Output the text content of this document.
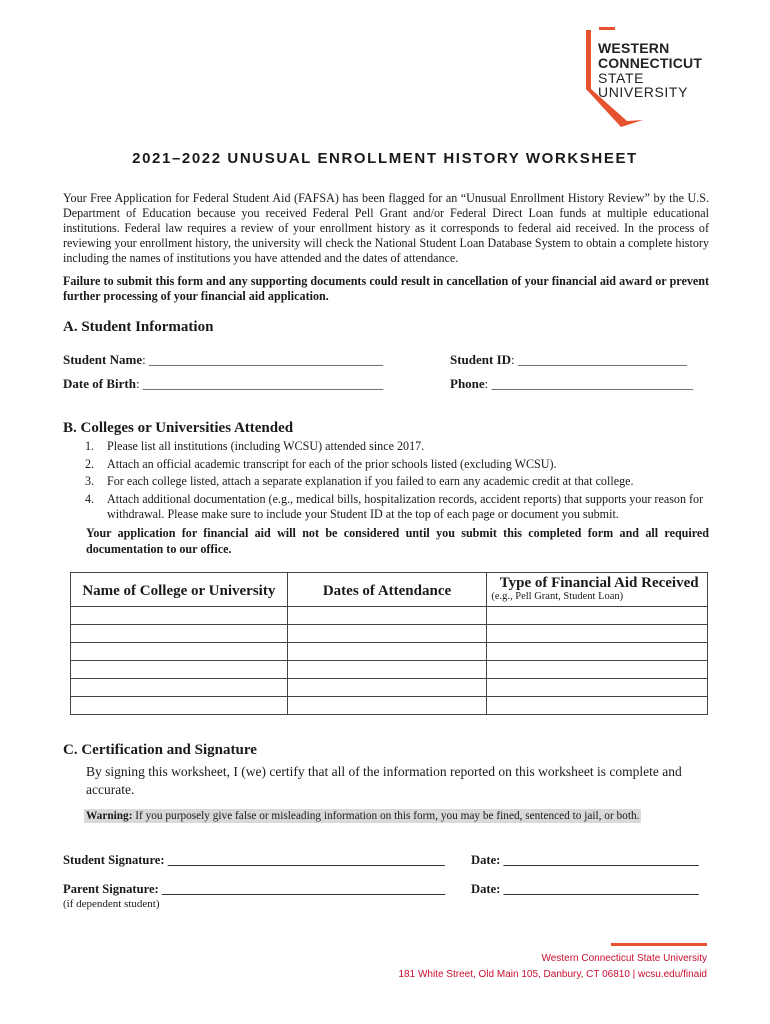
WESTERN
CONNECTICUT
STATE
UNIVERSITY
2021–2022 UNUSUAL ENROLLMENT HISTORY WORKSHEET

Your Free Application for Federal Student Aid (FAFSA) has been flagged for an “Unusual Enrollment History Review” by the U.S. Department of Education because you received Federal Pell Grant and/or Federal Direct Loan funds at multiple educational institutions. Federal law requires a review of your enrollment history as it corresponds to federal aid received. In the process of reviewing your enrollment history, the university will check the National Student Loan Database System to obtain a complete history including the names of institutions you have attended and the dates of attendance.

Failure to submit this form and any supporting documents could result in cancellation of your financial aid award or prevent further processing of your financial aid application.

A. Student Information

Student Name: ____________________________________	Student ID: __________________________

Date of Birth: _____________________________________	Phone: _______________________________

B. Colleges or Universities Attended
1. Please list all institutions (including WCSU) attended since 2017.
2. Attach an official academic transcript for each of the prior schools listed (excluding WCSU).
3. For each college listed, attach a separate explanation if you failed to earn any academic credit at that college.
4. Attach additional documentation (e.g., medical bills, hospitalization records, accident reports) that supports your reason for withdrawal. Please make sure to include your Student ID at the top of each page or document you submit.

Your application for financial aid will not be considered until you submit this completed form and all required documentation to our office.

Name of College or University	Dates of Attendance	Type of Financial Aid Received
(e.g., Pell Grant, Student Loan)

C. Certification and Signature

By signing this worksheet, I (we) certify that all of the information reported on this worksheet is complete and accurate.

Warning: If you purposely give false or misleading information on this form, you may be fined, sentenced to jail, or both.

Student Signature: ____________________________________________ Date: _______________________________

Parent Signature: _____________________________________________ Date: _______________________________

(if dependent student)

Western Connecticut State University

181 White Street, Old Main 105, Danbury, CT 06810 | wcsu.edu/finaid
